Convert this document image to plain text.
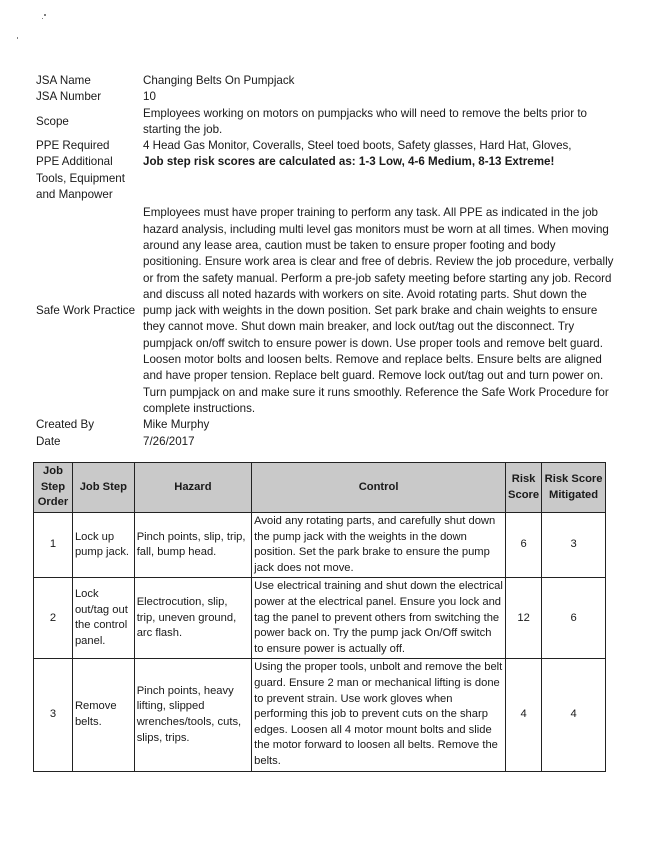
JSA Name	Changing Belts On Pumpjack
JSA Number	10
Scope
Employees working on motors on pumpjacks who will need to remove the belts prior to starting the job.
PPE Required	4 Head Gas Monitor, Coveralls, Steel toed boots, Safety glasses, Hard Hat, Gloves,
PPE Additional	Job step risk scores are calculated as: 1-3 Low, 4-6 Medium, 8-13 Extreme!
Tools, Equipment and Manpower
Safe Work Practice
Employees must have proper training to perform any task. All PPE as indicated in the job hazard analysis, including multi level gas monitors must be worn at all times. When moving around any lease area, caution must be taken to ensure proper footing and body positioning. Ensure work area is clear and free of debris. Review the job procedure, verbally or from the safety manual. Perform a pre-job safety meeting before starting any job. Record and discuss all noted hazards with workers on site. Avoid rotating parts. Shut down the pump jack with weights in the down position. Set park brake and chain weights to ensure they cannot move. Shut down main breaker, and lock out/tag out the disconnect. Try pumpjack on/off switch to ensure power is down. Use proper tools and remove belt guard. Loosen motor bolts and loosen belts. Remove and replace belts. Ensure belts are aligned and have proper tension. Replace belt guard. Remove lock out/tag out and turn power on. Turn pumpjack on and make sure it runs smoothly. Reference the Safe Work Procedure for complete instructions.
Created By	Mike Murphy
Date	7/26/2017
Job Step Order	Job Step	Hazard	Control	Risk Score	Risk Score Mitigated
1	Lock up pump jack.	Pinch points, slip, trip, fall, bump head.	Avoid any rotating parts, and carefully shut down the pump jack with the weights in the down position. Set the park brake to ensure the pump jack does not move.	6	3
2	Lock out/tag out the control panel.	Electrocution, slip, trip, uneven ground, arc flash.	Use electrical training and shut down the electrical power at the electrical panel. Ensure you lock and tag the panel to prevent others from switching the power back on. Try the pump jack On/Off switch to ensure power is actually off.	12	6
3	Remove belts.	Pinch points, heavy lifting, slipped wrenches/tools, cuts, slips, trips.	Using the proper tools, unbolt and remove the belt guard. Ensure 2 man or mechanical lifting is done to prevent strain. Use work gloves when performing this job to prevent cuts on the sharp edges. Loosen all 4 motor mount bolts and slide the motor forward to loosen all belts. Remove the belts.	4	4
